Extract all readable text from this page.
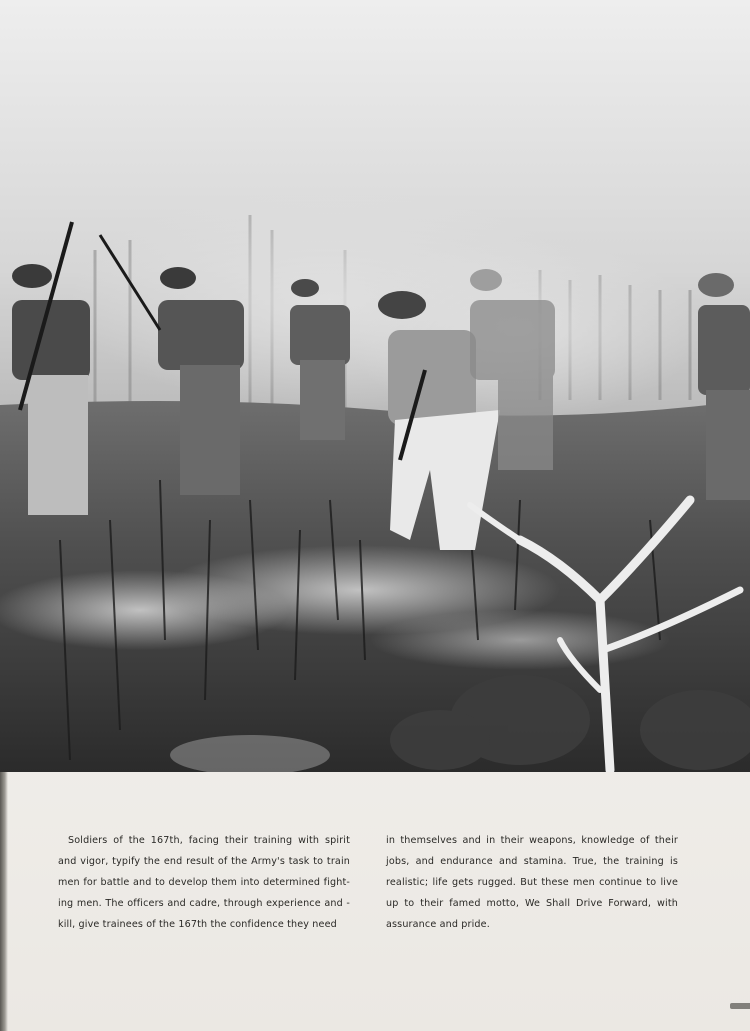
Soldiers of the 167th, facing their training with spirit and vigor, typify the end result of the Army's task to train men for battle and to develop them into determined fight- ing men. The officers and cadre, through experience and -kill, give trainees of the 167th the confidence they need

in themselves and in their weapons, knowledge of their jobs, and endurance and stamina. True, the training is realistic; life gets rugged. But these men continue to live up to their famed motto, We Shall Drive Forward, with assurance and pride.
